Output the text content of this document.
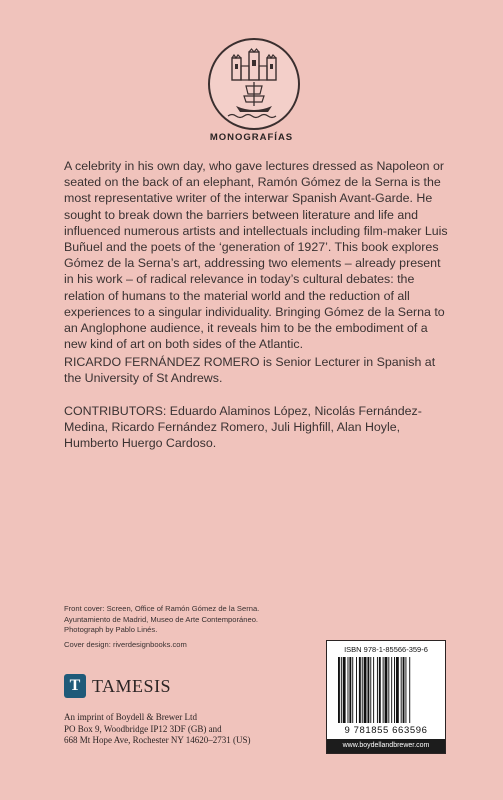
MONOGRAFÍAS

A celebrity in his own day, who gave lectures dressed as Napoleon or seated on the back of an elephant, Ramón Gómez de la Serna is the most representative writer of the interwar Spanish Avant-Garde. He sought to break down the barriers between literature and life and influenced numerous artists and intellectuals including film-maker Luis Buñuel and the poets of the ‘generation of 1927’. This book explores Gómez de la Serna’s art, addressing two elements – already present in his work – of radical relevance in today’s cultural debates: the relation of humans to the material world and the reduction of all experiences to a singular individuality. Bringing Gómez de la Serna to an Anglophone audience, it reveals him to be the embodiment of a new kind of art on both sides of the Atlantic.

RICARDO FERNÁNDEZ ROMERO is Senior Lecturer in Spanish at the University of St Andrews.

CONTRIBUTORS: Eduardo Alaminos López, Nicolás Fernández-Medina, Ricardo Fernández Romero, Juli Highfill, Alan Hoyle, Humberto Huergo Cardoso.

Front cover: Screen, Office of Ramón Gómez de la Serna. Ayuntamiento de Madrid, Museo de Arte Contemporáneo. Photograph by Pablo Linés.

Cover design: riverdesignbooks.com

T TAMESIS

An imprint of Boydell & Brewer Ltd
PO Box 9, Woodbridge IP12 3DF (GB) and
668 Mt Hope Ave, Rochester NY 14620–2731 (US)

ISBN 978-1-85566-359-6
9 781855 663596
www.boydellandbrewer.com
